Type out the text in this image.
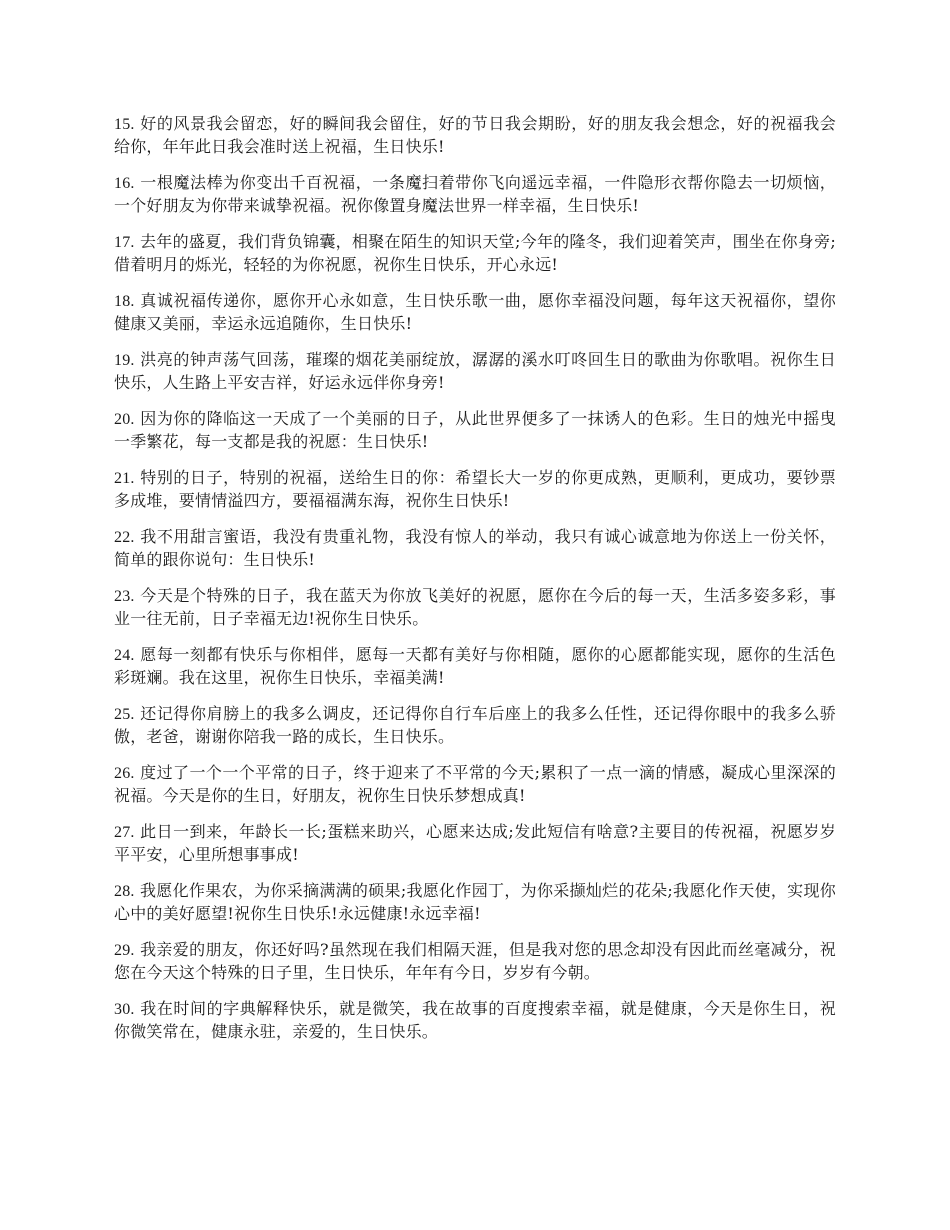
15. 好的风景我会留恋，好的瞬间我会留住，好的节日我会期盼，好的朋友我会想念，好的祝福我会给你，年年此日我会准时送上祝福，生日快乐!

16. 一根魔法棒为你变出千百祝福，一条魔扫着带你飞向遥远幸福，一件隐形衣帮你隐去一切烦恼，一个好朋友为你带来诚挚祝福。祝你像置身魔法世界一样幸福，生日快乐!

17. 去年的盛夏，我们背负锦囊，相聚在陌生的知识天堂;今年的隆冬，我们迎着笑声，围坐在你身旁;借着明月的烁光，轻轻的为你祝愿，祝你生日快乐，开心永远!

18. 真诚祝福传递你，愿你开心永如意，生日快乐歌一曲，愿你幸福没问题，每年这天祝福你，望你健康又美丽，幸运永远追随你，生日快乐!

19. 洪亮的钟声荡气回荡，璀璨的烟花美丽绽放，潺潺的溪水叮咚回生日的歌曲为你歌唱。祝你生日快乐，人生路上平安吉祥，好运永远伴你身旁!

20. 因为你的降临这一天成了一个美丽的日子，从此世界便多了一抹诱人的色彩。生日的烛光中摇曳一季繁花，每一支都是我的祝愿：生日快乐!

21. 特别的日子，特别的祝福，送给生日的你：希望长大一岁的你更成熟，更顺利，更成功，要钞票多成堆，要情情溢四方，要福福满东海，祝你生日快乐!

22. 我不用甜言蜜语，我没有贵重礼物，我没有惊人的举动，我只有诚心诚意地为你送上一份关怀，简单的跟你说句：生日快乐!

23. 今天是个特殊的日子，我在蓝天为你放飞美好的祝愿，愿你在今后的每一天，生活多姿多彩，事业一往无前，日子幸福无边!祝你生日快乐。

24. 愿每一刻都有快乐与你相伴，愿每一天都有美好与你相随，愿你的心愿都能实现，愿你的生活色彩斑斓。我在这里，祝你生日快乐，幸福美满!

25. 还记得你肩膀上的我多么调皮，还记得你自行车后座上的我多么任性，还记得你眼中的我多么骄傲，老爸，谢谢你陪我一路的成长，生日快乐。

26. 度过了一个一个平常的日子，终于迎来了不平常的今天;累积了一点一滴的情感，凝成心里深深的祝福。今天是你的生日，好朋友，祝你生日快乐梦想成真!

27. 此日一到来，年龄长一长;蛋糕来助兴，心愿来达成;发此短信有啥意?主要目的传祝福，祝愿岁岁平平安，心里所想事事成!

28. 我愿化作果农，为你采摘满满的硕果;我愿化作园丁，为你采撷灿烂的花朵;我愿化作天使，实现你心中的美好愿望!祝你生日快乐!永远健康!永远幸福!

29. 我亲爱的朋友，你还好吗?虽然现在我们相隔天涯，但是我对您的思念却没有因此而丝毫减分，祝您在今天这个特殊的日子里，生日快乐，年年有今日，岁岁有今朝。

30. 我在时间的字典解释快乐，就是微笑，我在故事的百度搜索幸福，就是健康，今天是你生日，祝你微笑常在，健康永驻，亲爱的，生日快乐。
